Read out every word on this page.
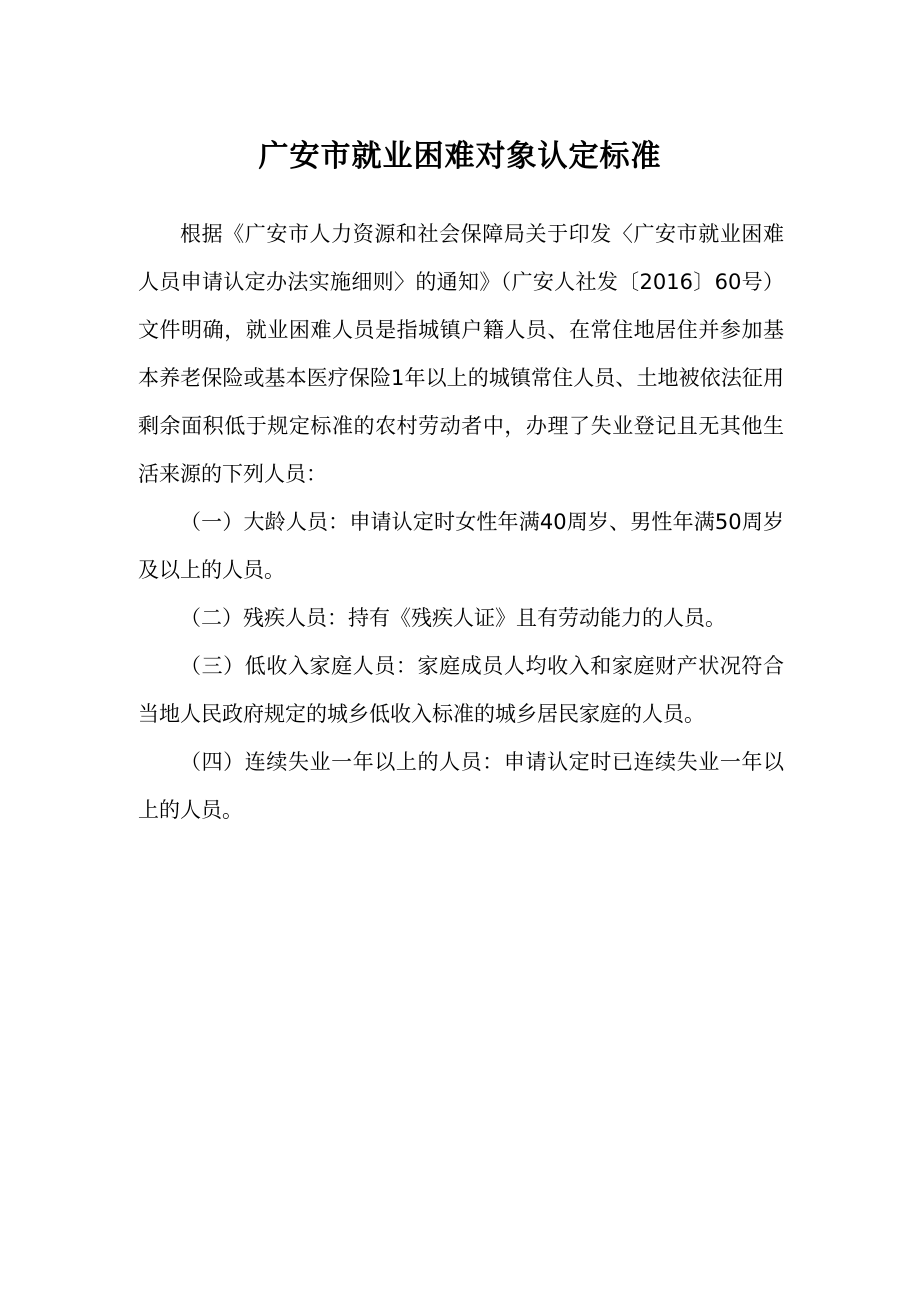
广安市就业困难对象认定标准

根据《广安市人力资源和社会保障局关于印发〈广安市就业困难人员申请认定办法实施细则〉的通知》（广安人社发〔2016〕60号）文件明确，就业困难人员是指城镇户籍人员、在常住地居住并参加基本养老保险或基本医疗保险1年以上的城镇常住人员、土地被依法征用剩余面积低于规定标准的农村劳动者中，办理了失业登记且无其他生活来源的下列人员：

（一）大龄人员：申请认定时女性年满40周岁、男性年满50周岁及以上的人员。

（二）残疾人员：持有《残疾人证》且有劳动能力的人员。

（三）低收入家庭人员：家庭成员人均收入和家庭财产状况符合当地人民政府规定的城乡低收入标准的城乡居民家庭的人员。

（四）连续失业一年以上的人员：申请认定时已连续失业一年以上的人员。
